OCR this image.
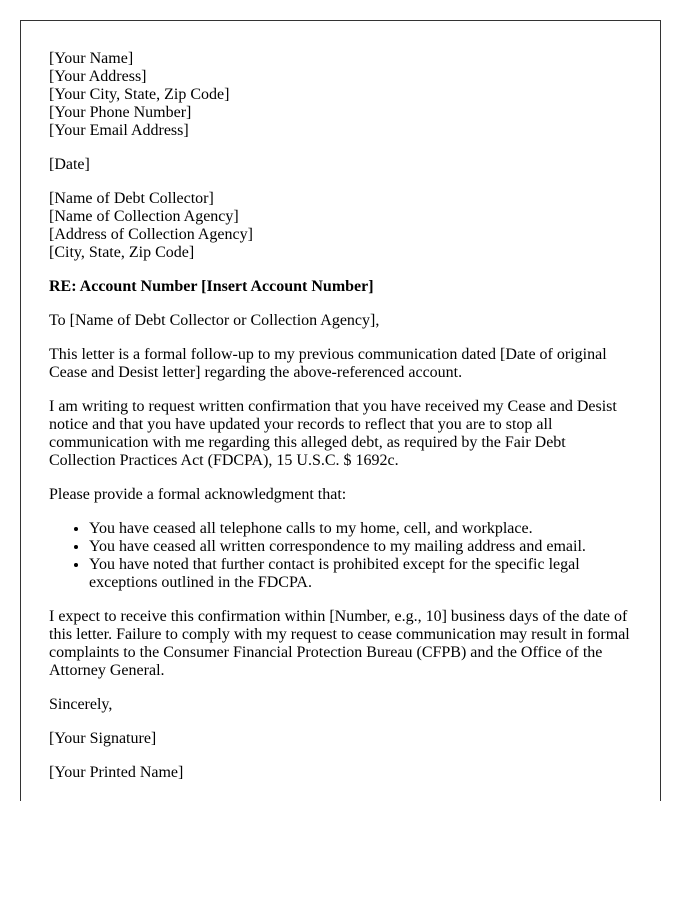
[Your Name]
[Your Address]
[Your City, State, Zip Code]
[Your Phone Number]
[Your Email Address]

[Date]

[Name of Debt Collector]
[Name of Collection Agency]
[Address of Collection Agency]
[City, State, Zip Code]

RE: Account Number [Insert Account Number]

To [Name of Debt Collector or Collection Agency],

This letter is a formal follow-up to my previous communication dated [Date of original Cease and Desist letter] regarding the above-referenced account.

I am writing to request written confirmation that you have received my Cease and Desist notice and that you have updated your records to reflect that you are to stop all communication with me regarding this alleged debt, as required by the Fair Debt Collection Practices Act (FDCPA), 15 U.S.C. $ 1692c.

Please provide a formal acknowledgment that:

• You have ceased all telephone calls to my home, cell, and workplace.
• You have ceased all written correspondence to my mailing address and email.
• You have noted that further contact is prohibited except for the specific legal exceptions outlined in the FDCPA.

I expect to receive this confirmation within [Number, e.g., 10] business days of the date of this letter. Failure to comply with my request to cease communication may result in formal complaints to the Consumer Financial Protection Bureau (CFPB) and the Office of the Attorney General.

Sincerely,

[Your Signature]

[Your Printed Name]
